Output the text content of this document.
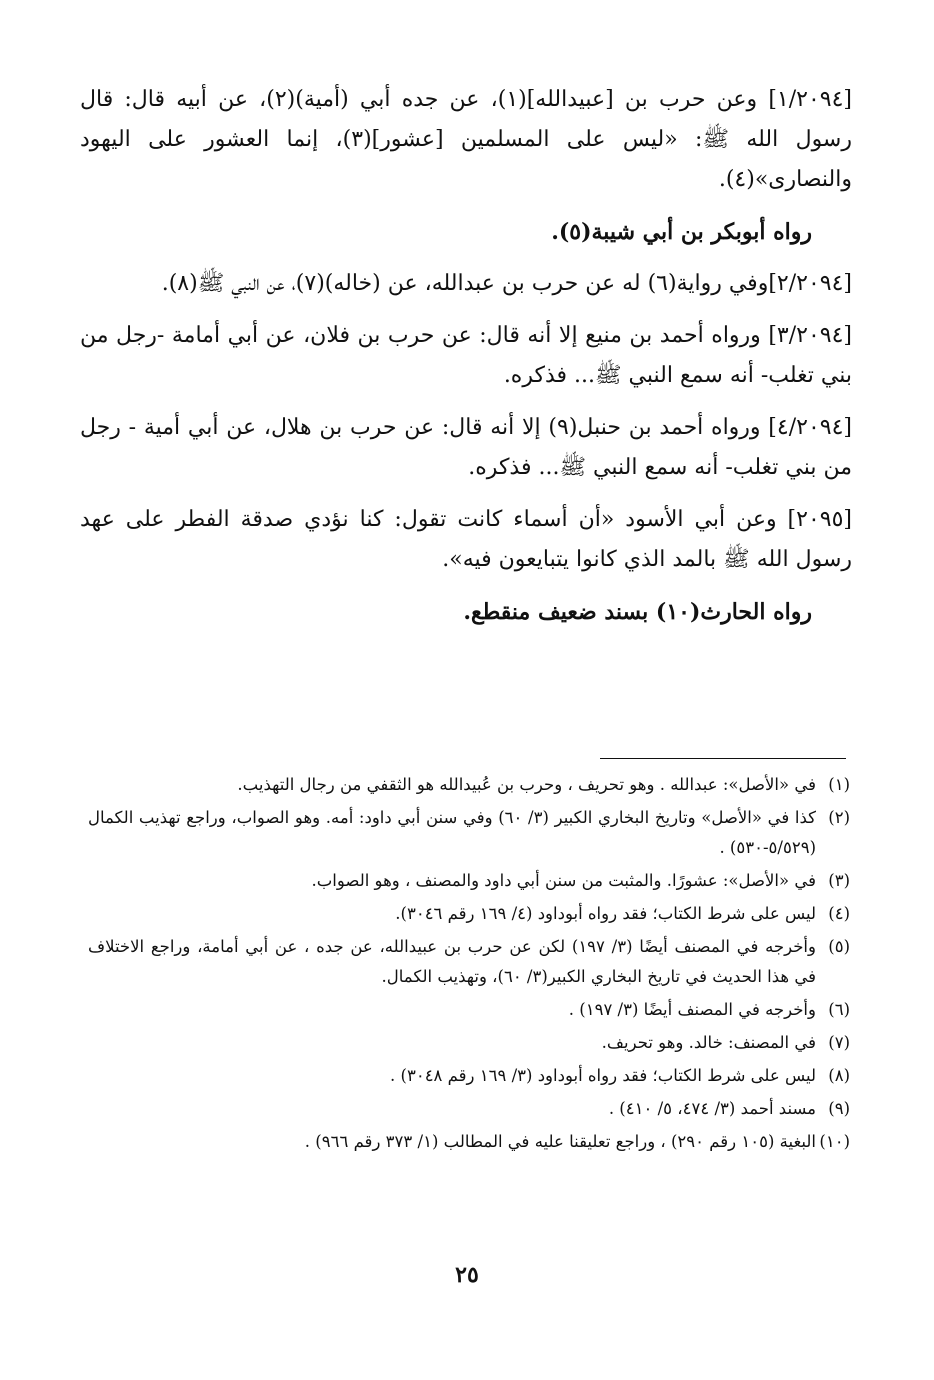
[١/٢٠٩٤] وعن حرب بن [عبيدالله](١)، عن جده أبي (أمية)(٢)، عن أبيه قال: قال رسول الله ﷺ: «ليس على المسلمين [عشور](٣)، إنما العشور على اليهود والنصارى»(٤).

رواه أبوبكر بن أبي شيبة(٥).

[٢/٢٠٩٤]وفي رواية(٦) له عن حرب بن عبدالله، عن (خاله)(٧)، عن النبي ﷺ(٨).

[٣/٢٠٩٤] ورواه أحمد بن منيع إلا أنه قال: عن حرب بن فلان، عن أبي أمامة -رجل من بني تغلب- أنه سمع النبي ﷺ... فذكره.

[٤/٢٠٩٤] ورواه أحمد بن حنبل(٩) إلا أنه قال: عن حرب بن هلال، عن أبي أمية - رجل من بني تغلب- أنه سمع النبي ﷺ... فذكره.

[٢٠٩٥] وعن أبي الأسود «أن أسماء كانت تقول: كنا نؤدي صدقة الفطر على عهد رسول الله ﷺ بالمد الذي كانوا يتبايعون فيه».

رواه الحارث(١٠) بسند ضعيف منقطع.

(١)
في «الأصل»: عبدالله . وهو تحريف ، وحرب بن عُبيدالله هو الثقفي من رجال التهذيب.
(٢)
كذا في «الأصل» وتاريخ البخاري الكبير (٣/ ٦٠) وفي سنن أبي داود: أمه. وهو الصواب، وراجع تهذيب الكمال (٥/٥٢٩-٥٣٠) .
(٣)
في «الأصل»: عشورًا. والمثبت من سنن أبي داود والمصنف ، وهو الصواب.
(٤)
ليس على شرط الكتاب؛ فقد رواه أبوداود (٤/ ١٦٩ رقم ٣٠٤٦).
(٥)
وأخرجه في المصنف أيضًا (٣/ ١٩٧) لكن عن حرب بن عبيدالله، عن جده ، عن أبي أمامة، وراجع الاختلاف في هذا الحديث في تاريخ البخاري الكبير(٣/ ٦٠)، وتهذيب الكمال.
(٦)
وأخرجه في المصنف أيضًا (٣/ ١٩٧) .
(٧)
في المصنف: خالد. وهو تحريف.
(٨)
ليس على شرط الكتاب؛ فقد رواه أبوداود (٣/ ١٦٩ رقم ٣٠٤٨) .
(٩)
مسند أحمد (٣/ ٤٧٤، ٥/ ٤١٠) .
(١٠)
البغية (١٠٥ رقم ٢٩٠) ، وراجع تعليقنا عليه في المطالب (١/ ٣٧٣ رقم ٩٦٦) .
٢٥
